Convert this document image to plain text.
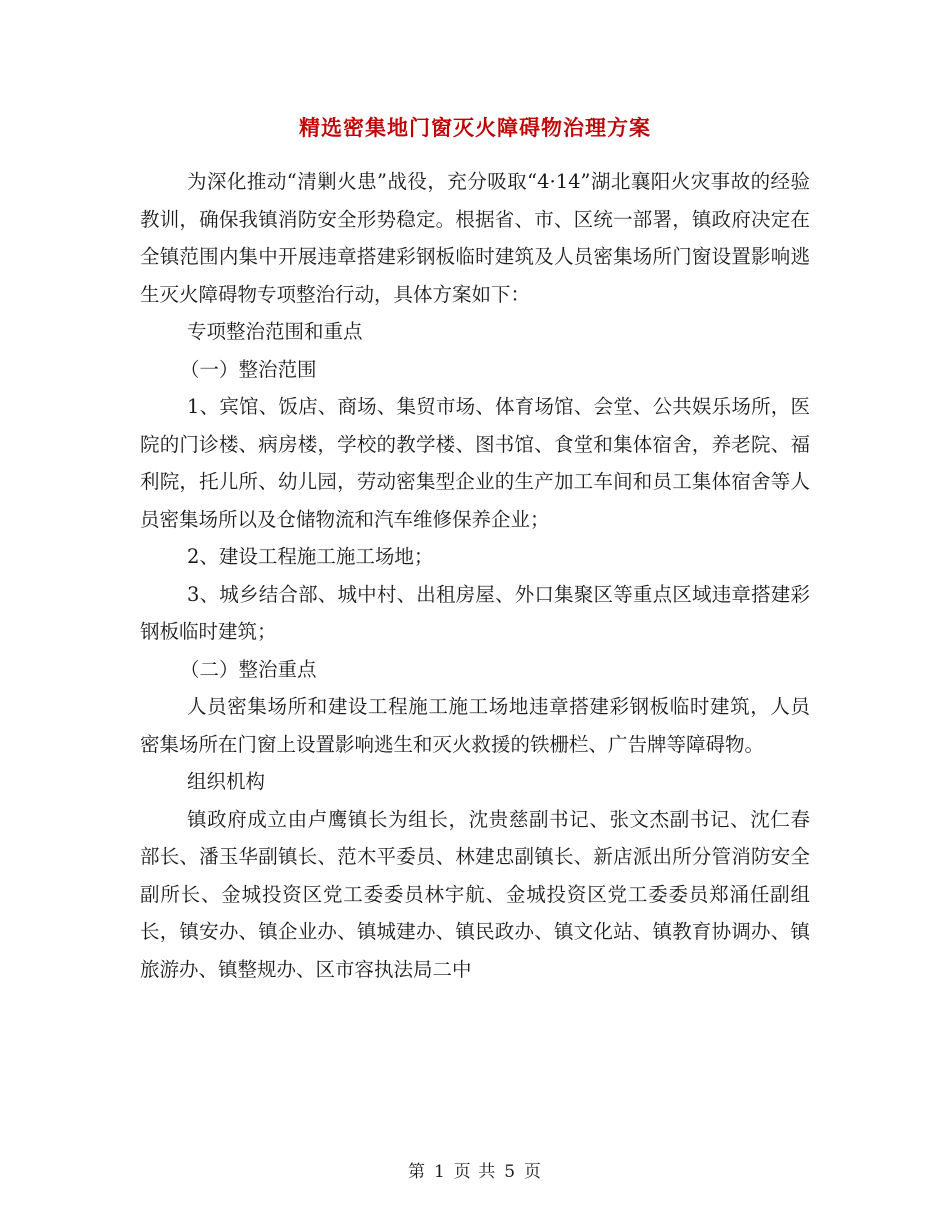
精选密集地门窗灭火障碍物治理方案

为深化推动“清剿火患”战役，充分吸取“4·14”湖北襄阳火灾事故的经验教训，确保我镇消防安全形势稳定。根据省、市、区统一部署，镇政府决定在全镇范围内集中开展违章搭建彩钢板临时建筑及人员密集场所门窗设置影响逃生灭火障碍物专项整治行动，具体方案如下：

专项整治范围和重点

（一）整治范围

1、宾馆、饭店、商场、集贸市场、体育场馆、会堂、公共娱乐场所，医院的门诊楼、病房楼，学校的教学楼、图书馆、食堂和集体宿舍，养老院、福利院，托儿所、幼儿园，劳动密集型企业的生产加工车间和员工集体宿舍等人员密集场所以及仓储物流和汽车维修保养企业；

2、建设工程施工施工场地；

3、城乡结合部、城中村、出租房屋、外口集聚区等重点区域违章搭建彩钢板临时建筑；

（二）整治重点

人员密集场所和建设工程施工施工场地违章搭建彩钢板临时建筑，人员密集场所在门窗上设置影响逃生和灭火救援的铁栅栏、广告牌等障碍物。

组织机构

镇政府成立由卢鹰镇长为组长，沈贵慈副书记、张文杰副书记、沈仁春部长、潘玉华副镇长、范木平委员、林建忠副镇长、新店派出所分管消防安全副所长、金城投资区党工委委员林宇航、金城投资区党工委委员郑涌任副组长，镇安办、镇企业办、镇城建办、镇民政办、镇文化站、镇教育协调办、镇旅游办、镇整规办、区市容执法局二中

第 1 页 共 5 页
